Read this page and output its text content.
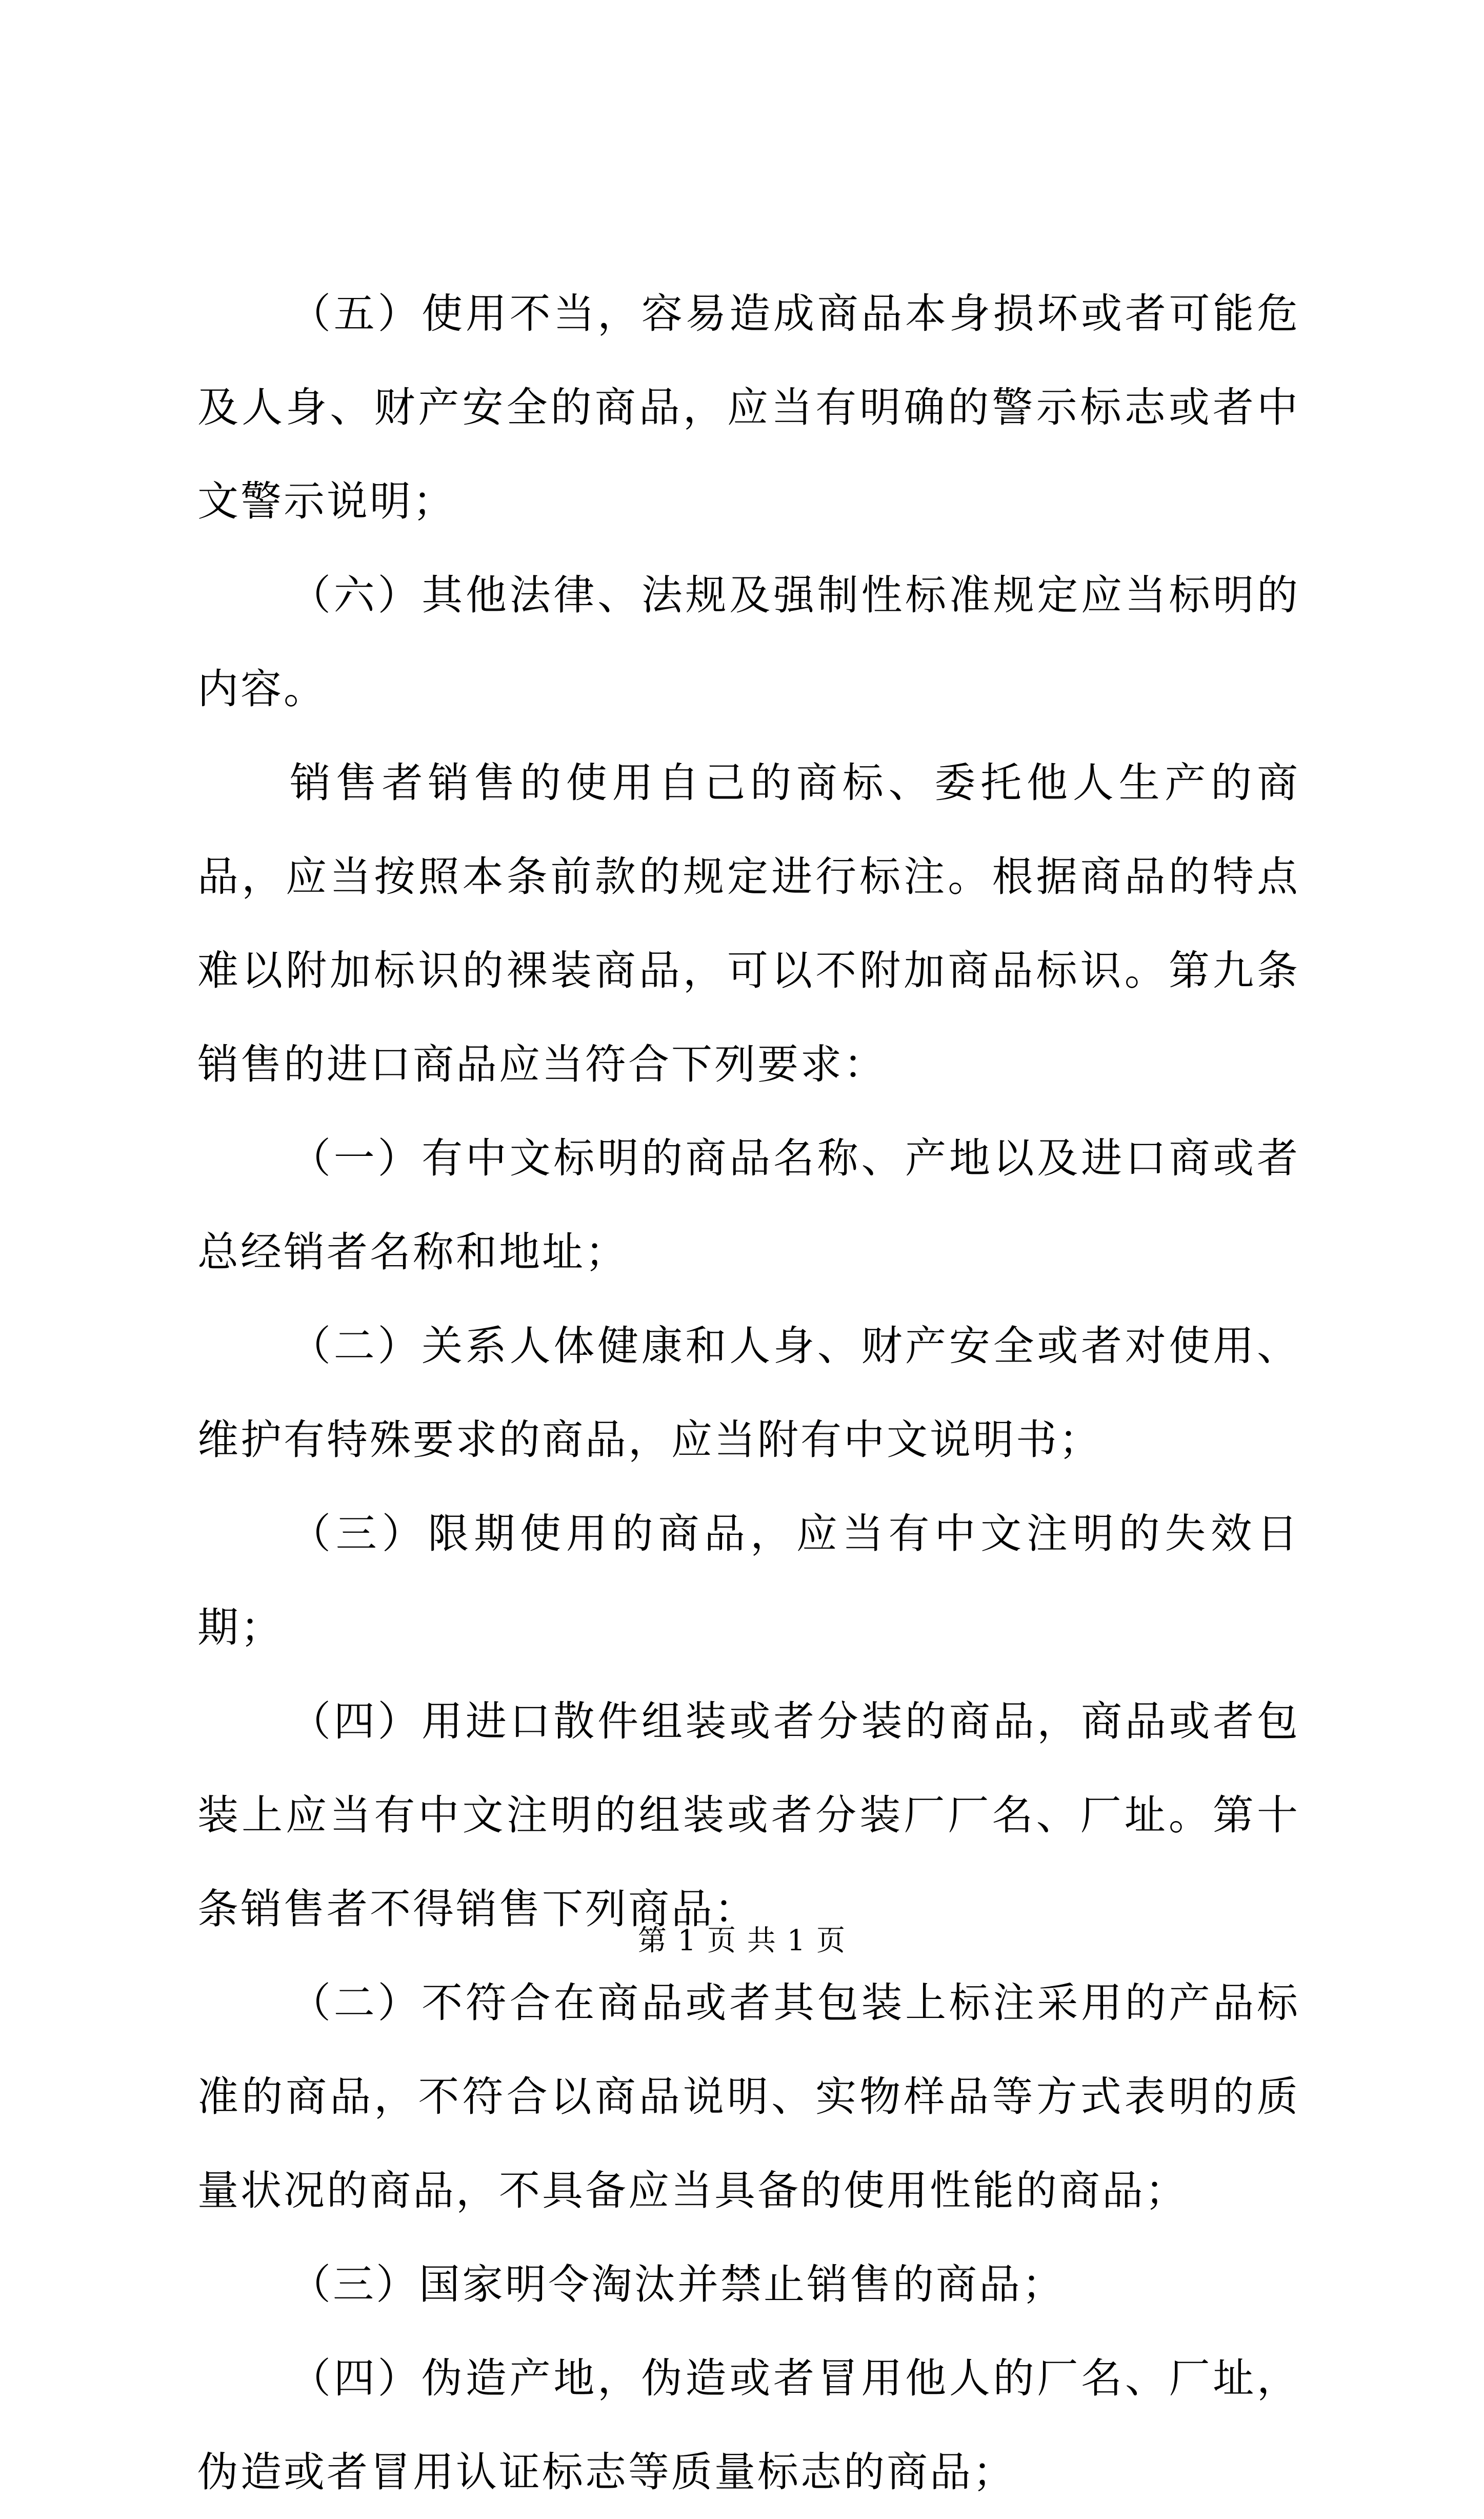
（五）使用不当，容易造成商品本身损坏或者可能危及人身、财产安全的商品，应当有明确的警示标志或者中文警示说明；

（六）其他法律、法规及强制性标准规定应当标明的内容。

销售者销售的使用自己的商标、委托他人生产的商品，应当按照本条前款的规定进行标注。根据商品的特点难以附加标识的裸装商品，可以不附加商品标识。第九条销售的进口商品应当符合下列要求：

（一）有中文标明的商品名称、产地以及进口商或者总经销者名称和地址；

（二）关系人体健康和人身、财产安全或者对使用、维护有特殊要求的商品，应当附有中文说明书；

（三）限期使用的商品，应当有中文注明的失效日期；

（四）用进口散件组装或者分装的商品，商品或者包装上应当有中文注明的组装或者分装厂厂名、厂址。第十条销售者不得销售下列商品：

（二）不符合在商品或者其包装上标注采用的产品标准的商品，不符合以商品说明、实物样品等方式表明的质量状况的商品，不具备应当具备的使用性能的商品；

（三）国家明令淘汰并禁止销售的商品；

（四）伪造产地，伪造或者冒用他人的厂名、厂址，伪造或者冒用认证标志等质量标志的商品；

第 1 页 共 1 页
